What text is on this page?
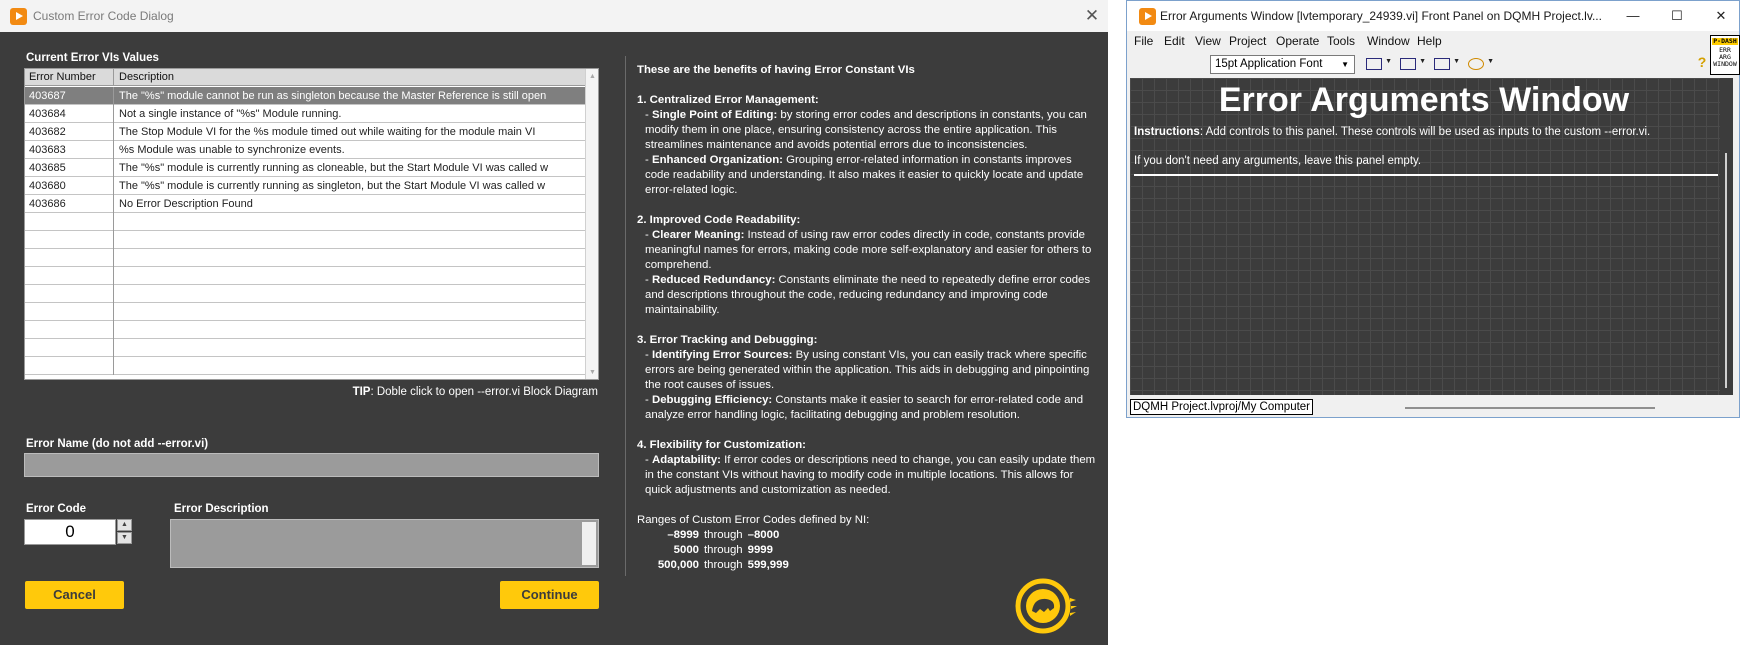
Custom Error Code Dialog	✕
Current Error VIs Values
Error Number	Description
403687	The "%s" module cannot be run as singleton because the Master Reference is still open
403684	Not a single instance of "%s" Module running.
403682	The Stop Module VI for the %s module timed out while waiting for the module main VI
403683	%s Module was unable to synchronize events.
403685	The "%s" module is currently running as cloneable, but the Start Module VI was called w
403680	The "%s" module is currently running as singleton, but the Start Module VI was called w
403686	No Error Description Found
▲
▼
TIP: Doble click to open --error.vi Block Diagram
Error Name (do not add --error.vi)
Error Code
0	▲
▼
Error Description
Cancel	Continue

These are the benefits of having Error Constant VIs

1. Centralized Error Management:

- Single Point of Editing: by storing error codes and descriptions in constants, you can modify them in one place, ensuring consistency across the entire application. This streamlines maintenance and avoids potential errors due to inconsistencies.

- Enhanced Organization: Grouping error-related information in constants improves code readability and understanding. It also makes it easier to quickly locate and update error-related logic.

2. Improved Code Readability:

- Clearer Meaning: Instead of using raw error codes directly in code, constants provide meaningful names for errors, making code more self-explanatory and easier for others to comprehend.

- Reduced Redundancy: Constants eliminate the need to repeatedly define error codes and descriptions throughout the code, reducing redundancy and improving code maintainability.

3. Error Tracking and Debugging:

- Identifying Error Sources: By using constant VIs, you can easily track where specific errors are being generated within the application. This aids in debugging and pinpointing the root causes of issues.

- Debugging Efficiency: Constants make it easier to search for error-related code and analyze error handling logic, facilitating debugging and problem resolution.

4. Flexibility for Customization:

- Adaptability: If error codes or descriptions need to change, you can easily update them in the constant VIs without having to modify code in multiple locations. This allows for quick adjustments and customization as needed.

Ranges of Custom Error Codes defined by NI:

–8999 through –8000

5000 through 9999

500,000 through 599,999

Error Arguments Window [lvtemporary_24939.vi] Front Panel on DQMH Project.lv...	—	☐	✕
File Edit View Project Operate Tools Window Help
15pt Application Font ▼	▼	▼	▼	▼	?
P-DASH
ERR
ARG
WINDOW
Error Arguments Window
Instructions: Add controls to this panel. These controls will be used as inputs to the custom --error.vi.
If you don't need any arguments, leave this panel empty.
DQMH Project.lvproj/My Computer
